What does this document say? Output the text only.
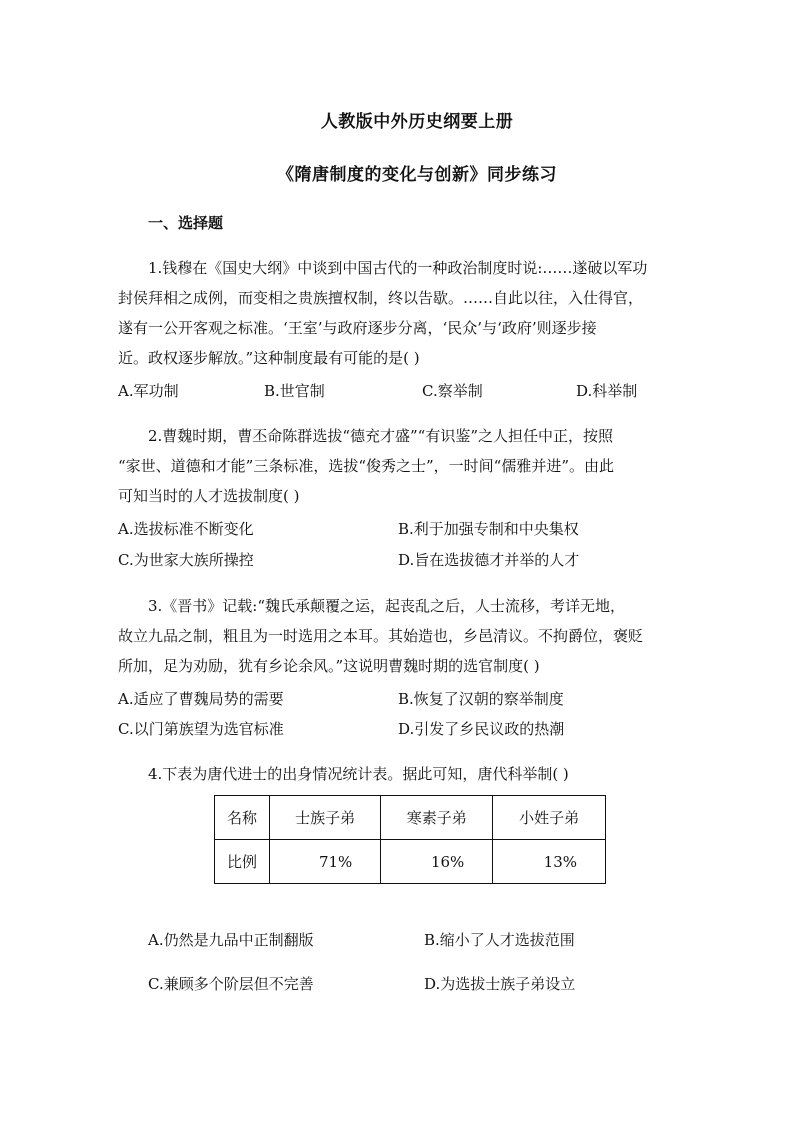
人教版中外历史纲要上册
《隋唐制度的变化与创新》同步练习
一、选择题
1.钱穆在《国史大纲》中谈到中国古代的一种政治制度时说:……遂破以军功
封侯拜相之成例，而变相之贵族擅权制，终以告歇。……自此以往，入仕得官，
遂有一公开客观之标准。‘王室’与政府逐步分离，‘民众’与‘政府’则逐步接
近。政权逐步解放。”这种制度最有可能的是( )
A.军功制	B.世官制	C.察举制	D.科举制
2.曹魏时期，曹丕命陈群选拔“德充才盛”“有识鉴”之人担任中正，按照
“家世、道德和才能”三条标准，选拔“俊秀之士”，一时间“儒雅并进”。由此
可知当时的人才选拔制度( )
A.选拔标准不断变化	B.利于加强专制和中央集权
C.为世家大族所操控	D.旨在选拔德才并举的人才
3.《晋书》记载:“魏氏承颠覆之运，起丧乱之后，人士流移，考详无地，
故立九品之制，粗且为一时选用之本耳。其始造也，乡邑清议。不拘爵位，褒贬
所加，足为劝励，犹有乡论余风。”这说明曹魏时期的选官制度( )
A.适应了曹魏局势的需要	B.恢复了汉朝的察举制度
C.以门第族望为选官标准	D.引发了乡民议政的热潮
4.下表为唐代进士的出身情况统计表。据此可知，唐代科举制( )
名称	士族子弟	寒素子弟	小姓子弟
比例	71%	16%	13%
A.仍然是九品中正制翻版	B.缩小了人才选拔范围
C.兼顾多个阶层但不完善	D.为选拔士族子弟设立
